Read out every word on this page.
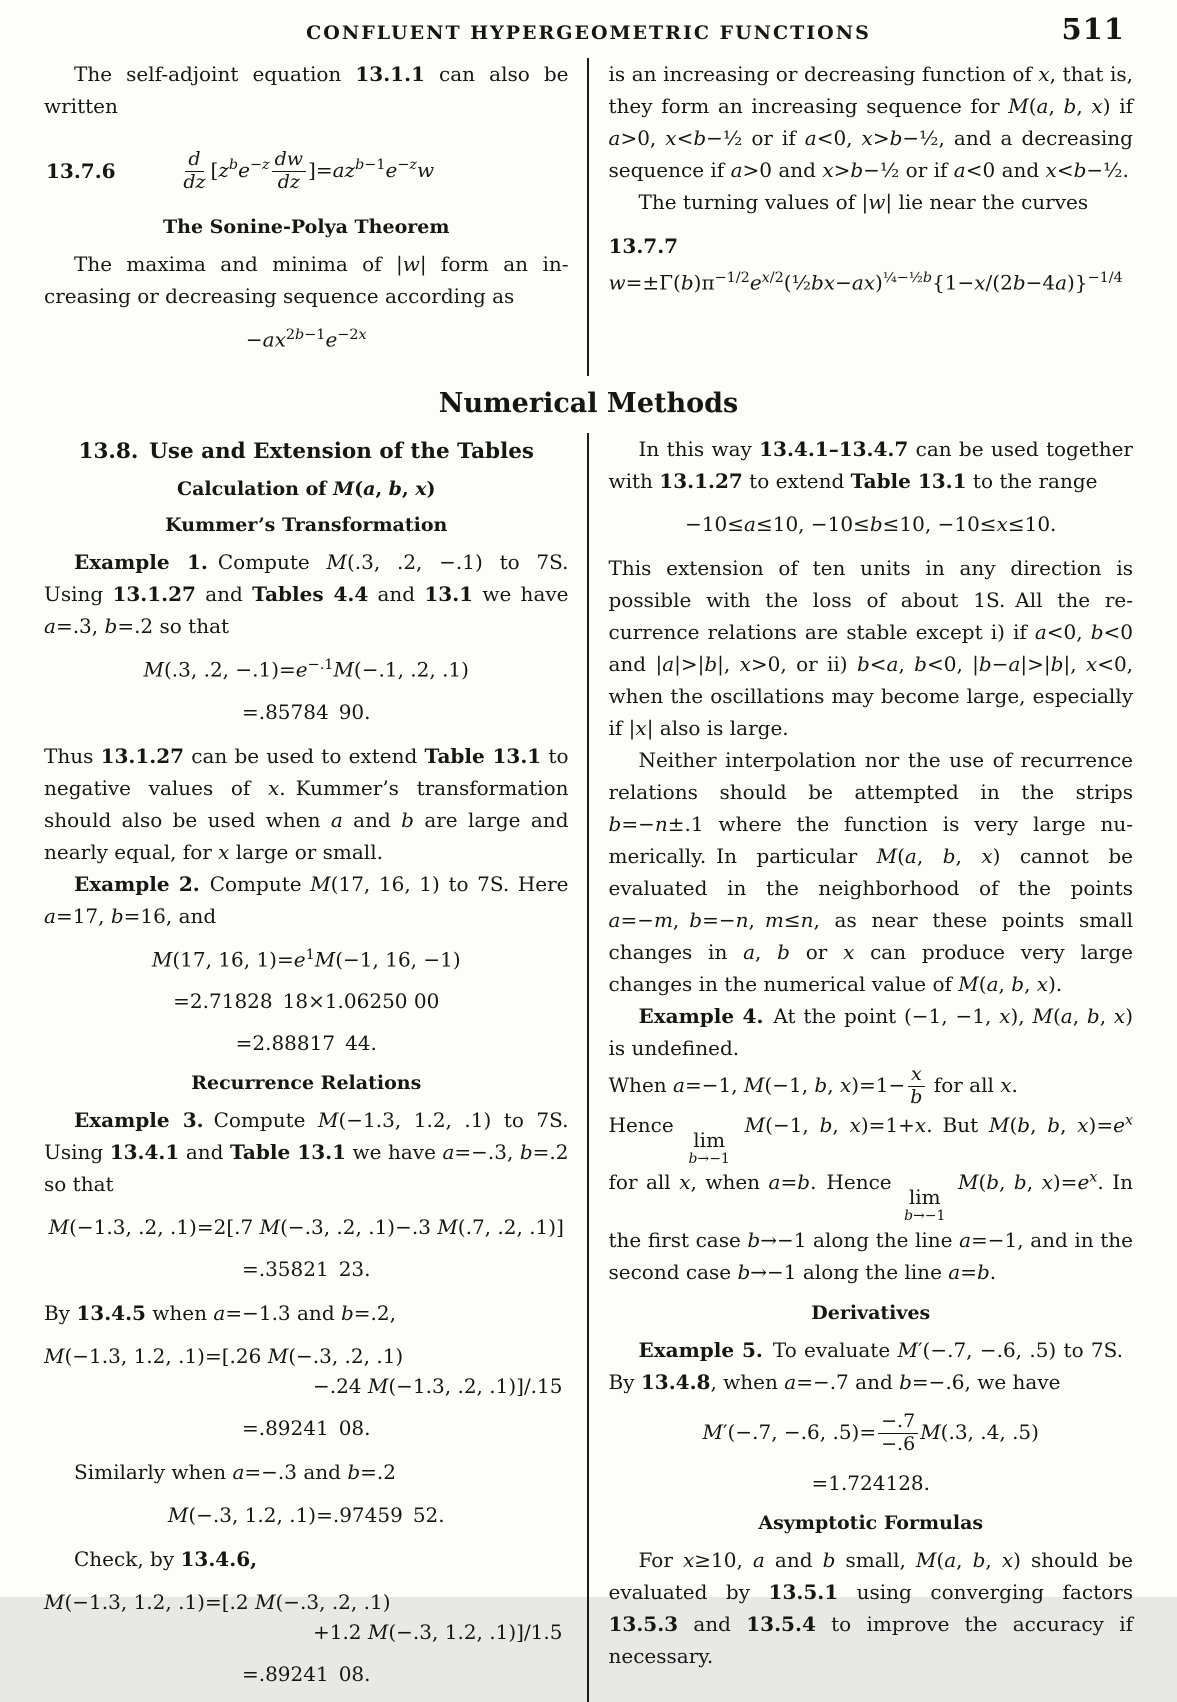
CONFLUENT HYPERGEOMETRIC FUNCTIONS	511
The self-adjoint equation 13.1.1 can also be written
13.7.6	$\frac{d}{dz} [z^be^{-z} \frac{dw}{dz} ]=az^{b-1}e^{-z}w$
The Sonine-Polya Theorem
The maxima and minima of |w| form an increasing or decreasing sequence according as
$-ax^{2b-1}e^{-2x}$
is an increasing or decreasing function of x, that is, they form an increasing sequence for M(a, b, x) if a>0, x<b−½ or if a<0, x>b−½, and a decreasing sequence if a>0 and x>b−½ or if a<0 and x<b−½.
The turning values of |w| lie near the curves
13.7.7
$w=\pm\Gamma(b)\pi^{-1/2}e^{x/2}(\frac{1}{2}bx-ax)^{\frac{1}{4}-\frac{1}{2}b}\{1-x/(2b-4a)\}^{-1/4}$
Numerical Methods
13.8. Use and Extension of the Tables
Calculation of M(a, b, x)
Kummer’s Transformation
Example 1. Compute M(.3, .2, −.1) to 7S. Using 13.1.27 and Tables 4.4 and 13.1 we have a=.3, b=.2 so that
M(.3, .2, $-.1)=e^{-.1}M(-.1$, .2, .1)
=.85784 90.
Thus 13.1.27 can be used to extend Table 13.1 to negative values of x. Kummer’s transformation should also be used when a and b are large and nearly equal, for x large or small.
Example 2. Compute M(17, 16, 1) to 7S. Here a=17, b=16, and
M(17, 16, $1)=e^1M(-1$, 16, −1)
=2.71828 18×1.06250 00
=2.88817 44.
Recurrence Relations
Example 3. Compute M(−1.3, 1.2, .1) to 7S. Using 13.4.1 and Table 13.1 we have a=−.3, b=.2 so that
M(−1.3, .2, .1)=2[.7 M(−.3, .2, .1)−.3 M(.7, .2, .1)]
=.35821 23.
By 13.4.5 when a=−1.3 and b=.2,
M(−1.3, 1.2, .1)=[.26 M(−.3, .2, .1)
−.24 M(−1.3, .2, .1)]/.15
=.89241 08.
Similarly when a=−.3 and b=.2
M(−.3, 1.2, .1)=.97459 52.
Check, by 13.4.6,
M(−1.3, 1.2, .1)=[.2 M(−.3, .2, .1)
+1.2 M(−.3, 1.2, .1)]/1.5
=.89241 08.
In this way 13.4.1–13.4.7 can be used together with 13.1.27 to extend Table 13.1 to the range
−10≤a≤10, −10≤b≤10, −10≤x≤10.
This extension of ten units in any direction is possible with the loss of about 1S. All the recurrence relations are stable except i) if a<0, b<0 and |a|>|b|, x>0, or ii) b<a, b<0, |b−a|>|b|, x<0, when the oscillations may become large, especially if |x| also is large.
Neither interpolation nor the use of recurrence relations should be attempted in the strips b=−n±.1 where the function is very large numerically. In particular M(a, b, x) cannot be evaluated in the neighborhood of the points a=−m, b=−n, m≤n, as near these points small changes in a, b or x can produce very large changes in the numerical value of M(a, b, x).
Example 4. At the point (−1, −1, x), M(a, b, x) is undefined.
When a=−1, M(−1, b, $x)=1- \frac{x}{b}$ for all x.
Hence
lim
b→−1
M(−1, b, x)=1+x. But M(b, b, $x)=e^x$ for all x, when a=b. Hence
lim
b→−1
M(b, b, $x)=e^x$. In the first case b→−1 along the line a=−1, and in the second case b→−1 along the line a=b.
Derivatives
Example 5. To evaluate M′(−.7, −.6, .5) to 7S. By 13.4.8, when a=−.7 and b=−.6, we have
M′(−.7, −.6, $.5)= \frac{-.7}{-.6} M(.3$, .4, .5)
=1.724128.
Asymptotic Formulas
For x≥10, a and b small, M(a, b, x) should be evaluated by 13.5.1 using converging factors 13.5.3 and 13.5.4 to improve the accuracy if necessary.
